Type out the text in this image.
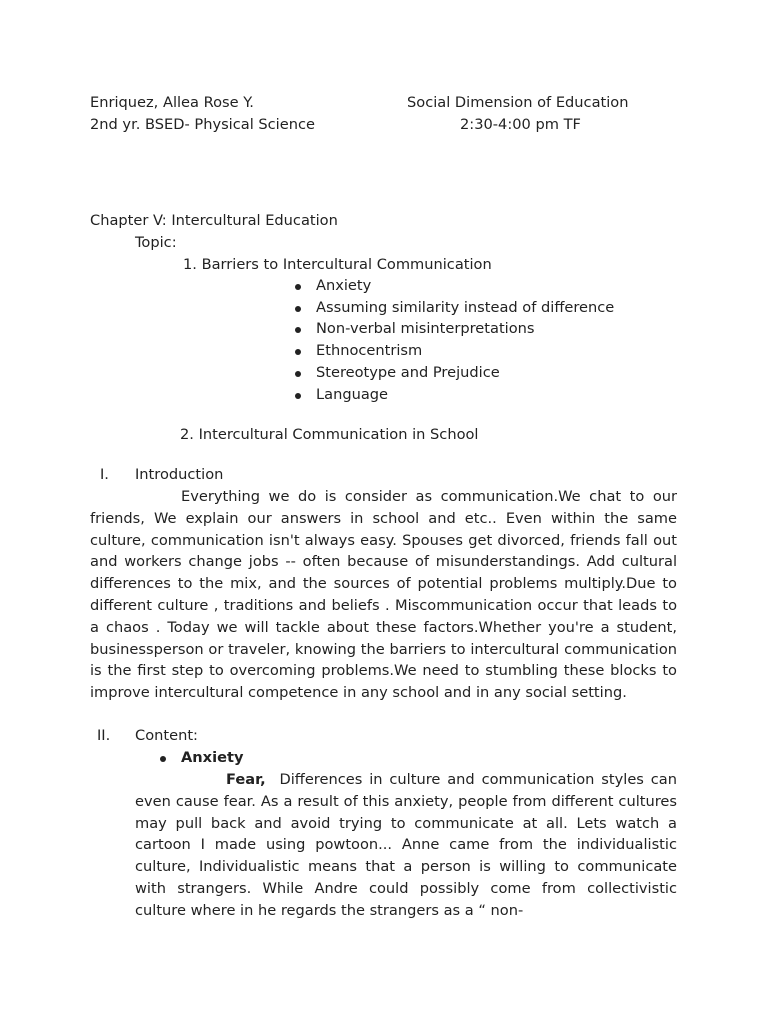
Enriquez, Allea Rose Y.	Social Dimension of Education
2nd yr. BSED- Physical Science	2:30-4:00 pm TF
Chapter V: Intercultural Education
Topic:
1. Barriers to Intercultural Communication
Anxiety
Assuming similarity instead of difference
Non-verbal misinterpretations
Ethnocentrism
Stereotype and Prejudice
Language
2. Intercultural Communication in School
I. Introduction
Everything we do is consider as communication.We chat to our friends, We explain our answers in school and etc.. Even within the same culture, communication isn't always easy. Spouses get divorced, friends fall out and workers change jobs -- often because of misunderstandings. Add cultural differences to the mix, and the sources of potential problems multiply.Due to different culture , traditions and beliefs . Miscommunication occur that leads to a chaos . Today we will tackle about these factors.Whether you're a student, businessperson or traveler, knowing the barriers to intercultural communication is the first step to overcoming problems.We need to stumbling these blocks to improve intercultural competence in any school and in any social setting.
II. Content:
Anxiety
Fear, Differences in culture and communication styles can even cause fear. As a result of this anxiety, people from different cultures may pull back and avoid trying to communicate at all. Lets watch a cartoon I made using powtoon... Anne came from the individualistic culture, Individualistic means that a person is willing to communicate with strangers. While Andre could possibly come from collectivistic culture where in he regards the strangers as a “ non-
